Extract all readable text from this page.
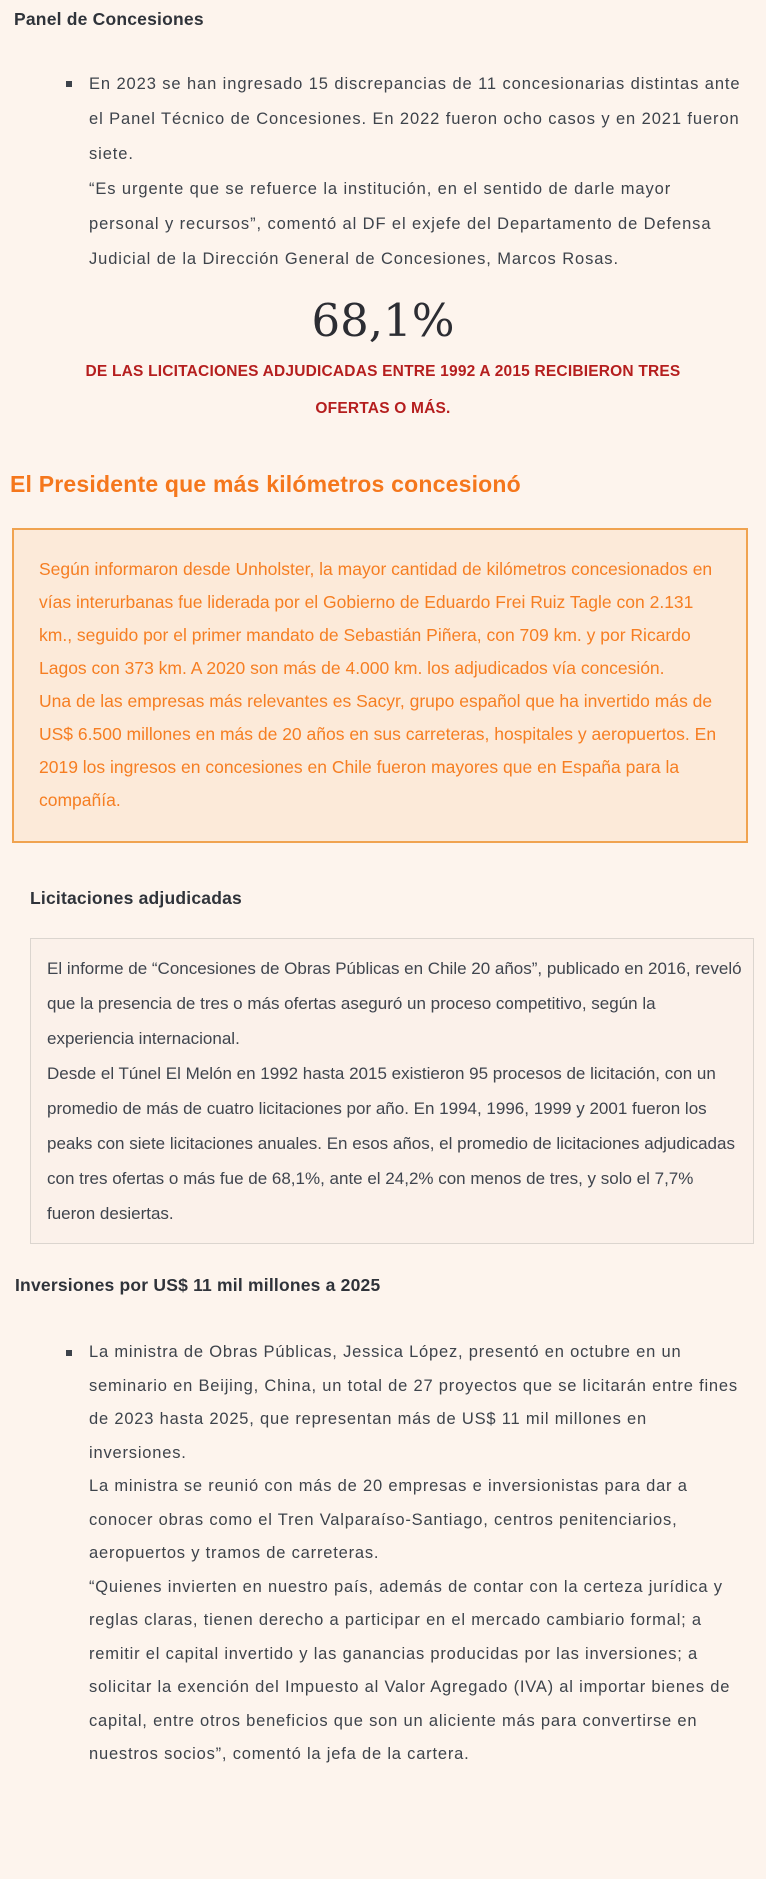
Panel de Concesiones

En 2023 se han ingresado 15 discrepancias de 11 concesionarias distintas ante el Panel Técnico de Concesiones. En 2022 fueron ocho casos y en 2021 fueron siete.

“Es urgente que se refuerce la institución, en el sentido de darle mayor personal y recursos”, comentó al DF el exjefe del Departamento de Defensa Judicial de la Dirección General de Concesiones, Marcos Rosas.

68,1%
DE LAS LICITACIONES ADJUDICADAS ENTRE 1992 A 2015 RECIBIERON TRES OFERTAS O MÁS.
El Presidente que más kilómetros concesionó

Según informaron desde Unholster, la mayor cantidad de kilómetros concesionados en vías interurbanas fue liderada por el Gobierno de Eduardo Frei Ruiz Tagle con 2.131 km., seguido por el primer mandato de Sebastián Piñera, con 709 km. y por Ricardo Lagos con 373 km. A 2020 son más de 4.000 km. los adjudicados vía concesión.

Una de las empresas más relevantes es Sacyr, grupo español que ha invertido más de US$ 6.500 millones en más de 20 años en sus carreteras, hospitales y aeropuertos. En 2019 los ingresos en concesiones en Chile fueron mayores que en España para la compañía.

Licitaciones adjudicadas

El informe de “Concesiones de Obras Públicas en Chile 20 años”, publicado en 2016, reveló que la presencia de tres o más ofertas aseguró un proceso competitivo, según la experiencia internacional.

Desde el Túnel El Melón en 1992 hasta 2015 existieron 95 procesos de licitación, con un promedio de más de cuatro licitaciones por año. En 1994, 1996, 1999 y 2001 fueron los peaks con siete licitaciones anuales. En esos años, el promedio de licitaciones adjudicadas con tres ofertas o más fue de 68,1%, ante el 24,2% con menos de tres, y solo el 7,7% fueron desiertas.

Inversiones por US$ 11 mil millones a 2025

La ministra de Obras Públicas, Jessica López, presentó en octubre en un seminario en Beijing, China, un total de 27 proyectos que se licitarán entre fines de 2023 hasta 2025, que representan más de US$ 11 mil millones en inversiones.

La ministra se reunió con más de 20 empresas e inversionistas para dar a conocer obras como el Tren Valparaíso-Santiago, centros penitenciarios, aeropuertos y tramos de carreteras.

“Quienes invierten en nuestro país, además de contar con la certeza jurídica y reglas claras, tienen derecho a participar en el mercado cambiario formal; a remitir el capital invertido y las ganancias producidas por las inversiones; a solicitar la exención del Impuesto al Valor Agregado (IVA) al importar bienes de capital, entre otros beneficios que son un aliciente más para convertirse en nuestros socios”, comentó la jefa de la cartera.
